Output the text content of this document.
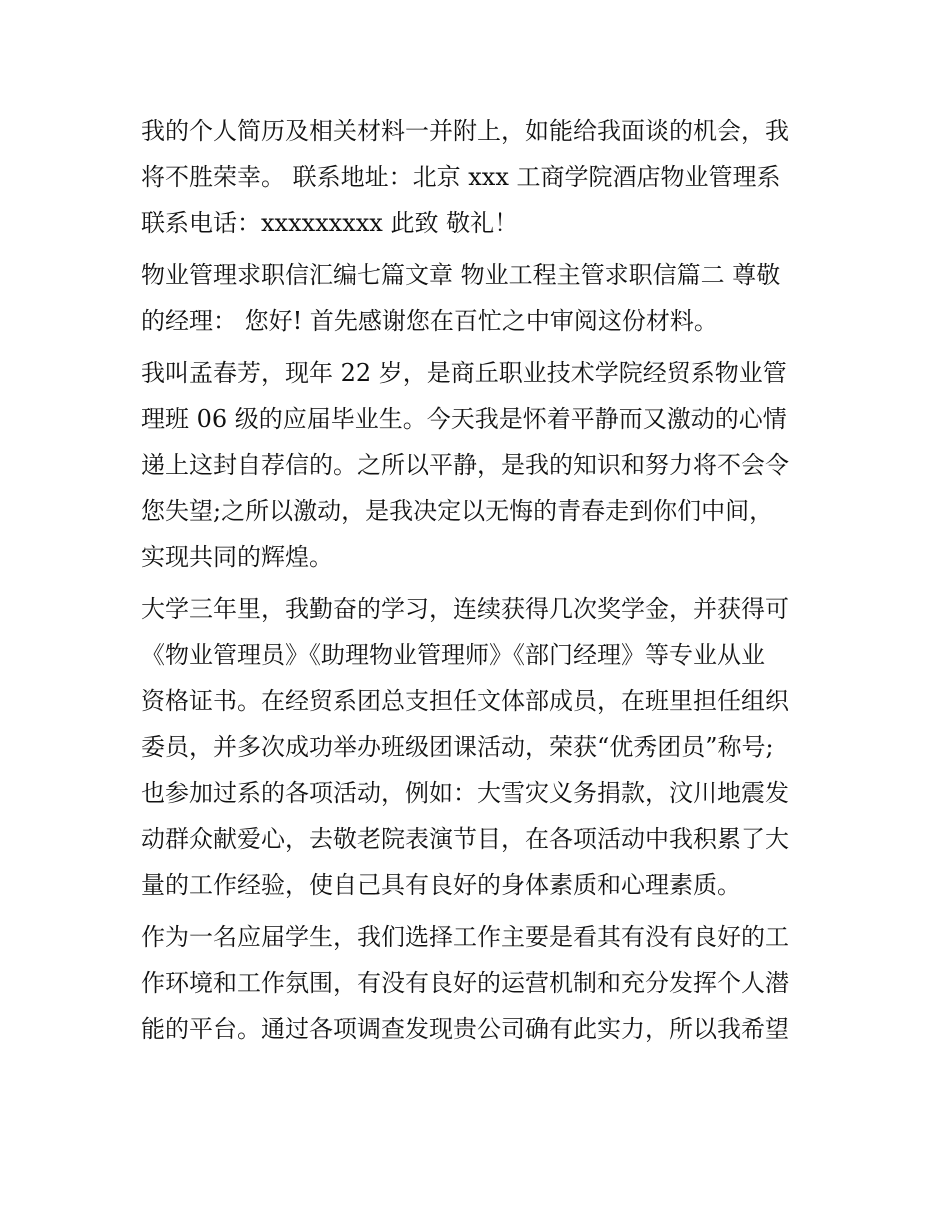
我的个人简历及相关材料一并附上，如能给我面谈的机会，我
将不胜荣幸。 联系地址：北京 xxx 工商学院酒店物业管理系
联系电话：xxxxxxxxx 此致 敬礼！
物业管理求职信汇编七篇文章 物业工程主管求职信篇二 尊敬
的经理： 您好! 首先感谢您在百忙之中审阅这份材料。
我叫孟春芳，现年 22 岁，是商丘职业技术学院经贸系物业管
理班 06 级的应届毕业生。今天我是怀着平静而又激动的心情
递上这封自荐信的。之所以平静，是我的知识和努力将不会令
您失望;之所以激动，是我决定以无悔的青春走到你们中间，
实现共同的辉煌。
大学三年里，我勤奋的学习，连续获得几次奖学金，并获得可
《物业管理员》《助理物业管理师》《部门经理》等专业从业
资格证书。在经贸系团总支担任文体部成员，在班里担任组织
委员，并多次成功举办班级团课活动，荣获“优秀团员”称号;
也参加过系的各项活动，例如：大雪灾义务捐款，汶川地震发
动群众献爱心，去敬老院表演节目，在各项活动中我积累了大
量的工作经验，使自己具有良好的身体素质和心理素质。
作为一名应届学生，我们选择工作主要是看其有没有良好的工
作环境和工作氛围，有没有良好的运营机制和充分发挥个人潜
能的平台。通过各项调查发现贵公司确有此实力，所以我希望
